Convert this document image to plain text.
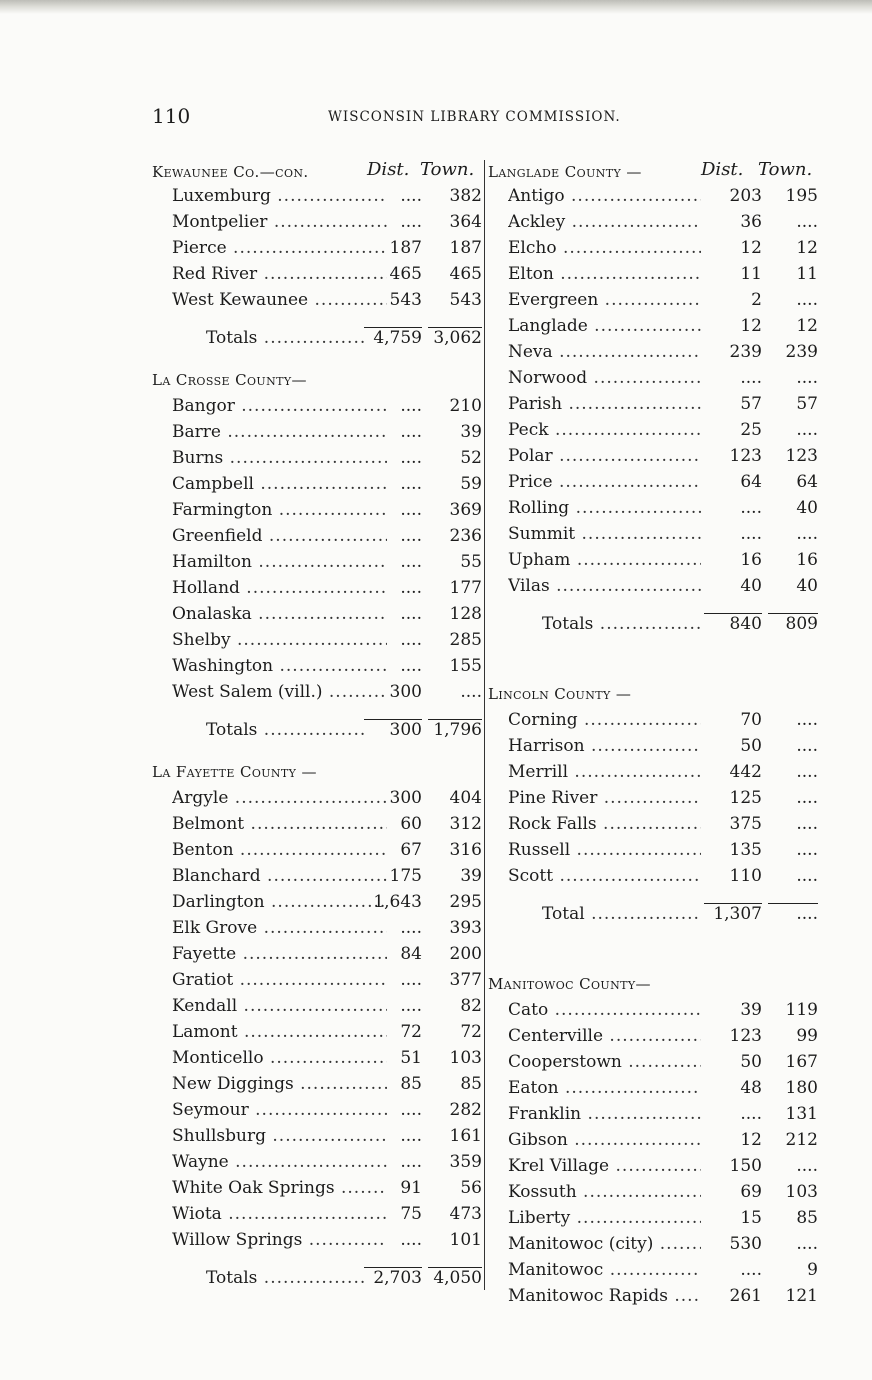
110	WISCONSIN LIBRARY COMMISSION.
Kewaunee Co.—con.	Dist. Town.
Luxemburg .....	....	382
Montpelier .....	....	364
Pierce .....	187	187
Red River .....	465	465
West Kewaunee .....	543	543
Totals .....	4,759 3,062
La Crosse County—
Bangor .....	....	210
Barre .....	....	39
Burns .....	....	52
Campbell .....	....	59
Farmington .....	....	369
Greenfield .....	....	236
Hamilton .....	....	55
Holland .....	....	177
Onalaska .....	....	128
Shelby .....	....	285
Washington .....	....	155
West Salem (vill.) .....	300	....
Totals .....	300 1,796
La Fayette County —
Argyle .....	300	404
Belmont .....	60	312
Benton .....	67	316
Blanchard .....	175	39
Darlington .....	1,643	295
Elk Grove .....	....	393
Fayette .....	84	200
Gratiot .....	....	377
Kendall .....	....	82
Lamont .....	72	72
Monticello .....	51	103
New Diggings .....	85	85
Seymour .....	....	282
Shullsburg .....	....	161
Wayne .....	....	359
White Oak Springs .....	91	56
Wiota .....	75	473
Willow Springs .....	....	101
Totals .....	2,703 4,050
Langlade County —	Dist. Town.
Antigo .....	203	195
Ackley .....	36	....
Elcho .....	12	12
Elton .....	11	11
Evergreen .....	2	....
Langlade .....	12	12
Neva .....	239	239
Norwood .....	....	....
Parish .....	57	57
Peck .....	25	....
Polar .....	123	123
Price .....	64	64
Rolling .....	....	40
Summit .....	....	....
Upham .....	16	16
Vilas .....	40	40
Totals .....	840	809
Lincoln County —
Corning .....	70	....
Harrison .....	50	....
Merrill .....	442	....
Pine River .....	125	....
Rock Falls .....	375	....
Russell .....	135	....
Scott .....	110	....
Total .....	1,307	....
Manitowoc County—
Cato .....	39	119
Centerville .....	123	99
Cooperstown .....	50	167
Eaton .....	48	180
Franklin .....	....	131
Gibson .....	12	212
Krel Village .....	150	....
Kossuth .....	69	103
Liberty .....	15	85
Manitowoc (city) .....	530	....
Manitowoc .....	....	9
Manitowoc Rapids .....	261	121
